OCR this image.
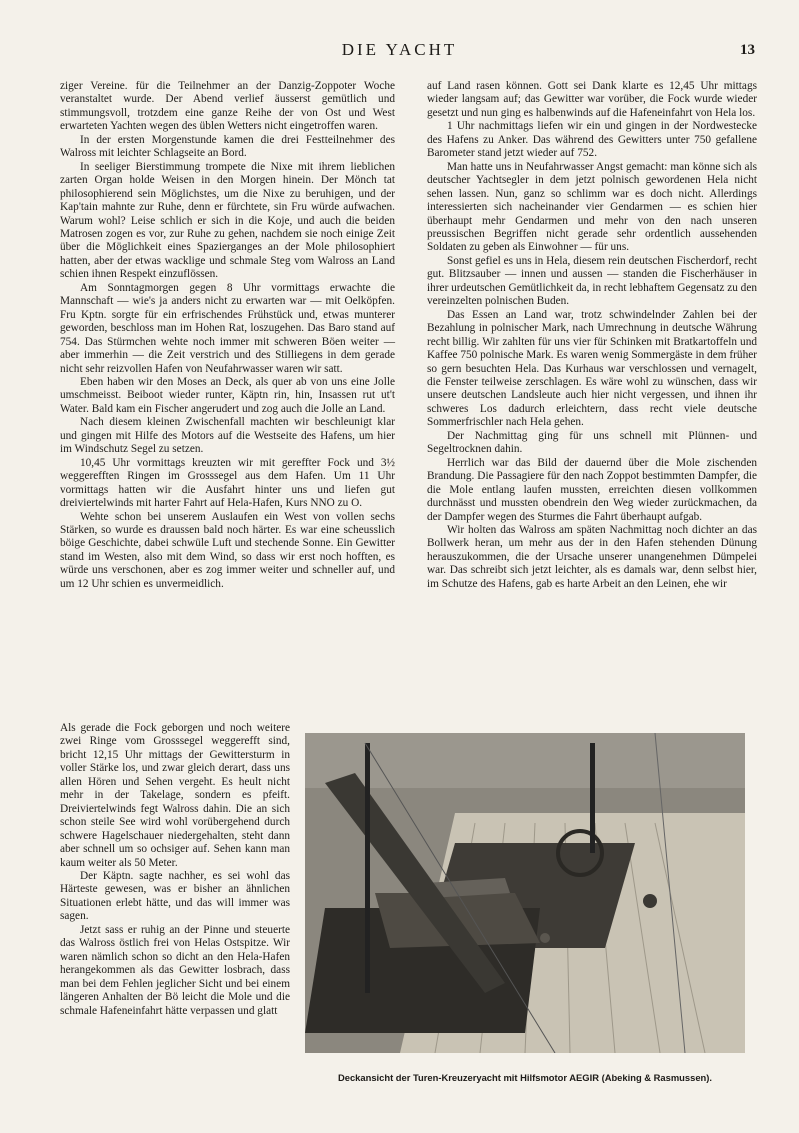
DIE YACHT	13

ziger Vereine. für die Teilnehmer an der Danzig-Zoppoter Woche veranstaltet wurde. Der Abend verlief äusserst gemütlich und stimmungsvoll, trotzdem eine ganze Reihe der von Ost und West erwarteten Yachten wegen des üblen Wetters nicht eingetroffen waren.

In der ersten Morgenstunde kamen die drei Festteilnehmer des Walross mit leichter Schlagseite an Bord.

In seeliger Bierstimmung trompete die Nixe mit ihrem lieblichen zarten Organ holde Weisen in den Morgen hinein. Der Mönch tat philosophierend sein Möglichstes, um die Nixe zu beruhigen, und der Kap'tain mahnte zur Ruhe, denn er fürchtete, sin Fru würde aufwachen. Warum wohl? Leise schlich er sich in die Koje, und auch die beiden Matrosen zogen es vor, zur Ruhe zu gehen, nachdem sie noch einige Zeit über die Möglichkeit eines Spazierganges an der Mole philosophiert hatten, aber der etwas wacklige und schmale Steg vom Walross an Land schien ihnen Respekt einzuflössen.

Am Sonntagmorgen gegen 8 Uhr vormittags erwachte die Mannschaft — wie's ja anders nicht zu erwarten war — mit Oelköpfen. Fru Kptn. sorgte für ein erfrischendes Frühstück und, etwas munterer geworden, beschloss man im Hohen Rat, loszugehen. Das Baro stand auf 754. Das Stürmchen wehte noch immer mit schweren Böen weiter — aber immerhin — die Zeit verstrich und des Stilliegens in dem gerade nicht sehr reizvollen Hafen von Neufahrwasser waren wir satt.

Eben haben wir den Moses an Deck, als quer ab von uns eine Jolle umschmeisst. Beiboot wieder runter, Käptn rin, hin, Insassen rut ut't Water. Bald kam ein Fischer angerudert und zog auch die Jolle an Land.

Nach diesem kleinen Zwischenfall machten wir beschleunigt klar und gingen mit Hilfe des Motors auf die Westseite des Hafens, um hier im Windschutz Segel zu setzen.

10,45 Uhr vormittags kreuzten wir mit gereffter Fock und 3½ weggerefften Ringen im Grosssegel aus dem Hafen. Um 11 Uhr vormittags hatten wir die Ausfahrt hinter uns und liefen gut dreiviertelwinds mit harter Fahrt auf Hela-Hafen, Kurs NNO zu O.

Wehte schon bei unserem Auslaufen ein West von vollen sechs Stärken, so wurde es draussen bald noch härter. Es war eine scheusslich böige Geschichte, dabei schwüle Luft und stechende Sonne. Ein Gewitter stand im Westen, also mit dem Wind, so dass wir erst noch hofften, es würde uns verschonen, aber es zog immer weiter und schneller auf, und um 12 Uhr schien es unvermeidlich.

Als gerade die Fock geborgen und noch weitere zwei Ringe vom Grosssegel weggerefft sind, bricht 12,15 Uhr mittags der Gewittersturm in voller Stärke los, und zwar gleich derart, dass uns allen Hören und Sehen vergeht. Es heult nicht mehr in der Takelage, sondern es pfeift. Dreiviertelwinds fegt Walross dahin. Die an sich schon steile See wird wohl vorübergehend durch schwere Hagelschauer niedergehalten, steht dann aber schnell um so ochsiger auf. Sehen kann man kaum weiter als 50 Meter.

Der Käptn. sagte nachher, es sei wohl das Härteste gewesen, was er bisher an ähnlichen Situationen erlebt hätte, und das will immer was sagen.

Jetzt sass er ruhig an der Pinne und steuerte das Walross östlich frei von Helas Ostspitze. Wir waren nämlich schon so dicht an den Hela-Hafen herangekommen als das Gewitter losbrach, dass man bei dem Fehlen jeglicher Sicht und bei einem längeren Anhalten der Bö leicht die Mole und die schmale Hafeneinfahrt hätte verpassen und glatt

auf Land rasen können. Gott sei Dank klarte es 12,45 Uhr mittags wieder langsam auf; das Gewitter war vorüber, die Fock wurde wieder gesetzt und nun ging es halbenwinds auf die Hafeneinfahrt von Hela los.

1 Uhr nachmittags liefen wir ein und gingen in der Nordwestecke des Hafens zu Anker. Das während des Gewitters unter 750 gefallene Barometer stand jetzt wieder auf 752.

Man hatte uns in Neufahrwasser Angst gemacht: man könne sich als deutscher Yachtsegler in dem jetzt polnisch gewordenen Hela nicht sehen lassen. Nun, ganz so schlimm war es doch nicht. Allerdings interessierten sich nacheinander vier Gendarmen — es schien hier überhaupt mehr Gendarmen und mehr von den nach unseren preussischen Begriffen nicht gerade sehr ordentlich aussehenden Soldaten zu geben als Einwohner — für uns.

Sonst gefiel es uns in Hela, diesem rein deutschen Fischerdorf, recht gut. Blitzsauber — innen und aussen — standen die Fischerhäuser in ihrer urdeutschen Gemütlichkeit da, in recht lebhaftem Gegensatz zu den vereinzelten polnischen Buden.

Das Essen an Land war, trotz schwindelnder Zahlen bei der Bezahlung in polnischer Mark, nach Umrechnung in deutsche Währung recht billig. Wir zahlten für uns vier für Schinken mit Bratkartoffeln und Kaffee 750 polnische Mark. Es waren wenig Sommergäste in dem früher so gern besuchten Hela. Das Kurhaus war verschlossen und vernagelt, die Fenster teilweise zerschlagen. Es wäre wohl zu wünschen, dass wir unsere deutschen Landsleute auch hier nicht vergessen, und ihnen ihr schweres Los dadurch erleichtern, dass recht viele deutsche Sommerfrischler nach Hela gehen.

Der Nachmittag ging für uns schnell mit Plünnen- und Segeltrocknen dahin.

Herrlich war das Bild der dauernd über die Mole zischenden Brandung. Die Passagiere für den nach Zoppot bestimmten Dampfer, die die Mole entlang laufen mussten, erreichten diesen vollkommen durchnässt und mussten obendrein den Weg wieder zurückmachen, da der Dampfer wegen des Sturmes die Fahrt überhaupt aufgab.

Wir holten das Walross am späten Nachmittag noch dichter an das Bollwerk heran, um mehr aus der in den Hafen stehenden Dünung herauszukommen, die der Ursache unserer unangenehmen Dümpelei war. Das schreibt sich jetzt leichter, als es damals war, denn selbst hier, im Schutze des Hafens, gab es harte Arbeit an den Leinen, ehe wir

Deckansicht der Turen-Kreuzeryacht mit Hilfsmotor AEGIR (Abeking & Rasmussen).
